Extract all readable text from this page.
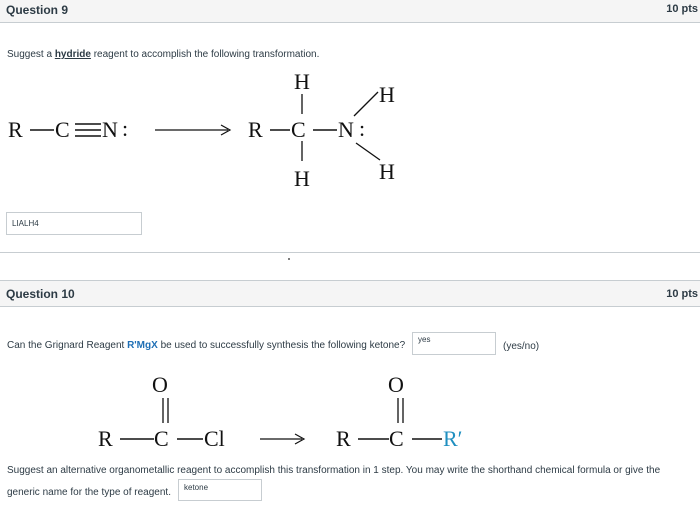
Question 9	10 pts
Suggest a hydride reagent to accomplish the following transformation.
R C N :	R C N :
H
H
H
H
LIALH4
Question 10	10 pts
Can the Grignard Reagent R'MgX be used to successfully synthesis the following ketone?
yes	(yes/no)
O
R C Cl
O
R C R′
Suggest an alternative organometallic reagent to accomplish this transformation in 1 step. You may write the shorthand chemical formula or give the
generic name for the type of reagent.
ketone
